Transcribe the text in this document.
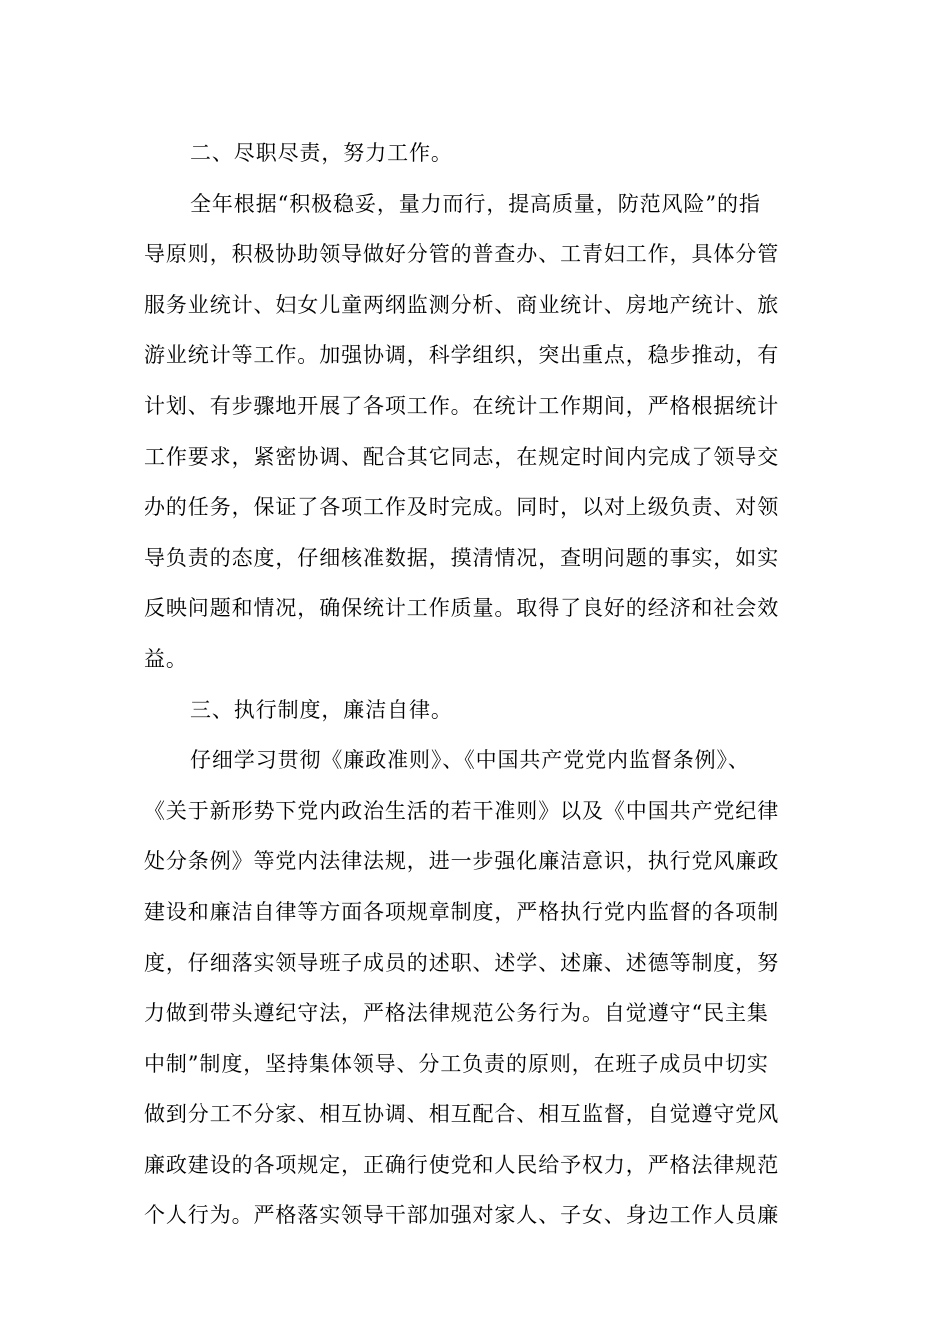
二、尽职尽责，努力工作。
全年根据“积极稳妥，量力而行，提高质量，防范风险”的指
导原则，积极协助领导做好分管的普查办、工青妇工作，具体分管
服务业统计、妇女儿童两纲监测分析、商业统计、房地产统计、旅
游业统计等工作。加强协调，科学组织，突出重点，稳步推动，有
计划、有步骤地开展了各项工作。在统计工作期间，严格根据统计
工作要求，紧密协调、配合其它同志，在规定时间内完成了领导交
办的任务，保证了各项工作及时完成。同时，以对上级负责、对领
导负责的态度，仔细核准数据，摸清情况，查明问题的事实，如实
反映问题和情况，确保统计工作质量。取得了良好的经济和社会效
益。
三、执行制度，廉洁自律。
仔细学习贯彻《廉政准则》、《中国共产党党内监督条例》、
《关于新形势下党内政治生活的若干准则》以及《中国共产党纪律
处分条例》等党内法律法规，进一步强化廉洁意识，执行党风廉政
建设和廉洁自律等方面各项规章制度，严格执行党内监督的各项制
度，仔细落实领导班子成员的述职、述学、述廉、述德等制度，努
力做到带头遵纪守法，严格法律规范公务行为。自觉遵守“民主集
中制”制度，坚持集体领导、分工负责的原则，在班子成员中切实
做到分工不分家、相互协调、相互配合、相互监督，自觉遵守党风
廉政建设的各项规定，正确行使党和人民给予权力，严格法律规范
个人行为。严格落实领导干部加强对家人、子女、身边工作人员廉
